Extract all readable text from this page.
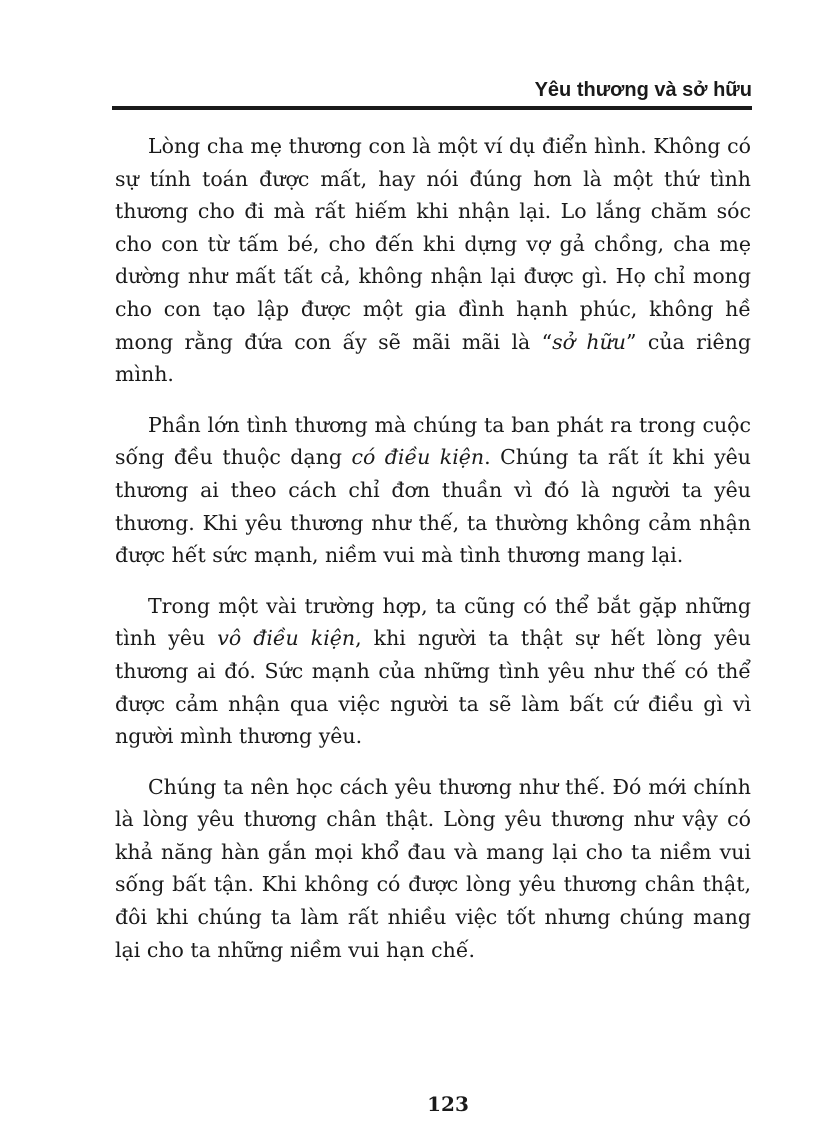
Yêu thương và sở hữu

Lòng cha mẹ thương con là một ví dụ điển hình. Không có sự tính toán được mất, hay nói đúng hơn là một thứ tình thương cho đi mà rất hiếm khi nhận lại. Lo lắng chăm sóc cho con từ tấm bé, cho đến khi dựng vợ gả chồng, cha mẹ dường như mất tất cả, không nhận lại được gì. Họ chỉ mong cho con tạo lập được một gia đình hạnh phúc, không hề mong rằng đứa con ấy sẽ mãi mãi là “sở hữu” của riêng mình.

Phần lớn tình thương mà chúng ta ban phát ra trong cuộc sống đều thuộc dạng có điều kiện. Chúng ta rất ít khi yêu thương ai theo cách chỉ đơn thuần vì đó là người ta yêu thương. Khi yêu thương như thế, ta thường không cảm nhận được hết sức mạnh, niềm vui mà tình thương mang lại.

Trong một vài trường hợp, ta cũng có thể bắt gặp những tình yêu vô điều kiện, khi người ta thật sự hết lòng yêu thương ai đó. Sức mạnh của những tình yêu như thế có thể được cảm nhận qua việc người ta sẽ làm bất cứ điều gì vì người mình thương yêu.

Chúng ta nên học cách yêu thương như thế. Đó mới chính là lòng yêu thương chân thật. Lòng yêu thương như vậy có khả năng hàn gắn mọi khổ đau và mang lại cho ta niềm vui sống bất tận. Khi không có được lòng yêu thương chân thật, đôi khi chúng ta làm rất nhiều việc tốt nhưng chúng mang lại cho ta những niềm vui hạn chế.

123
